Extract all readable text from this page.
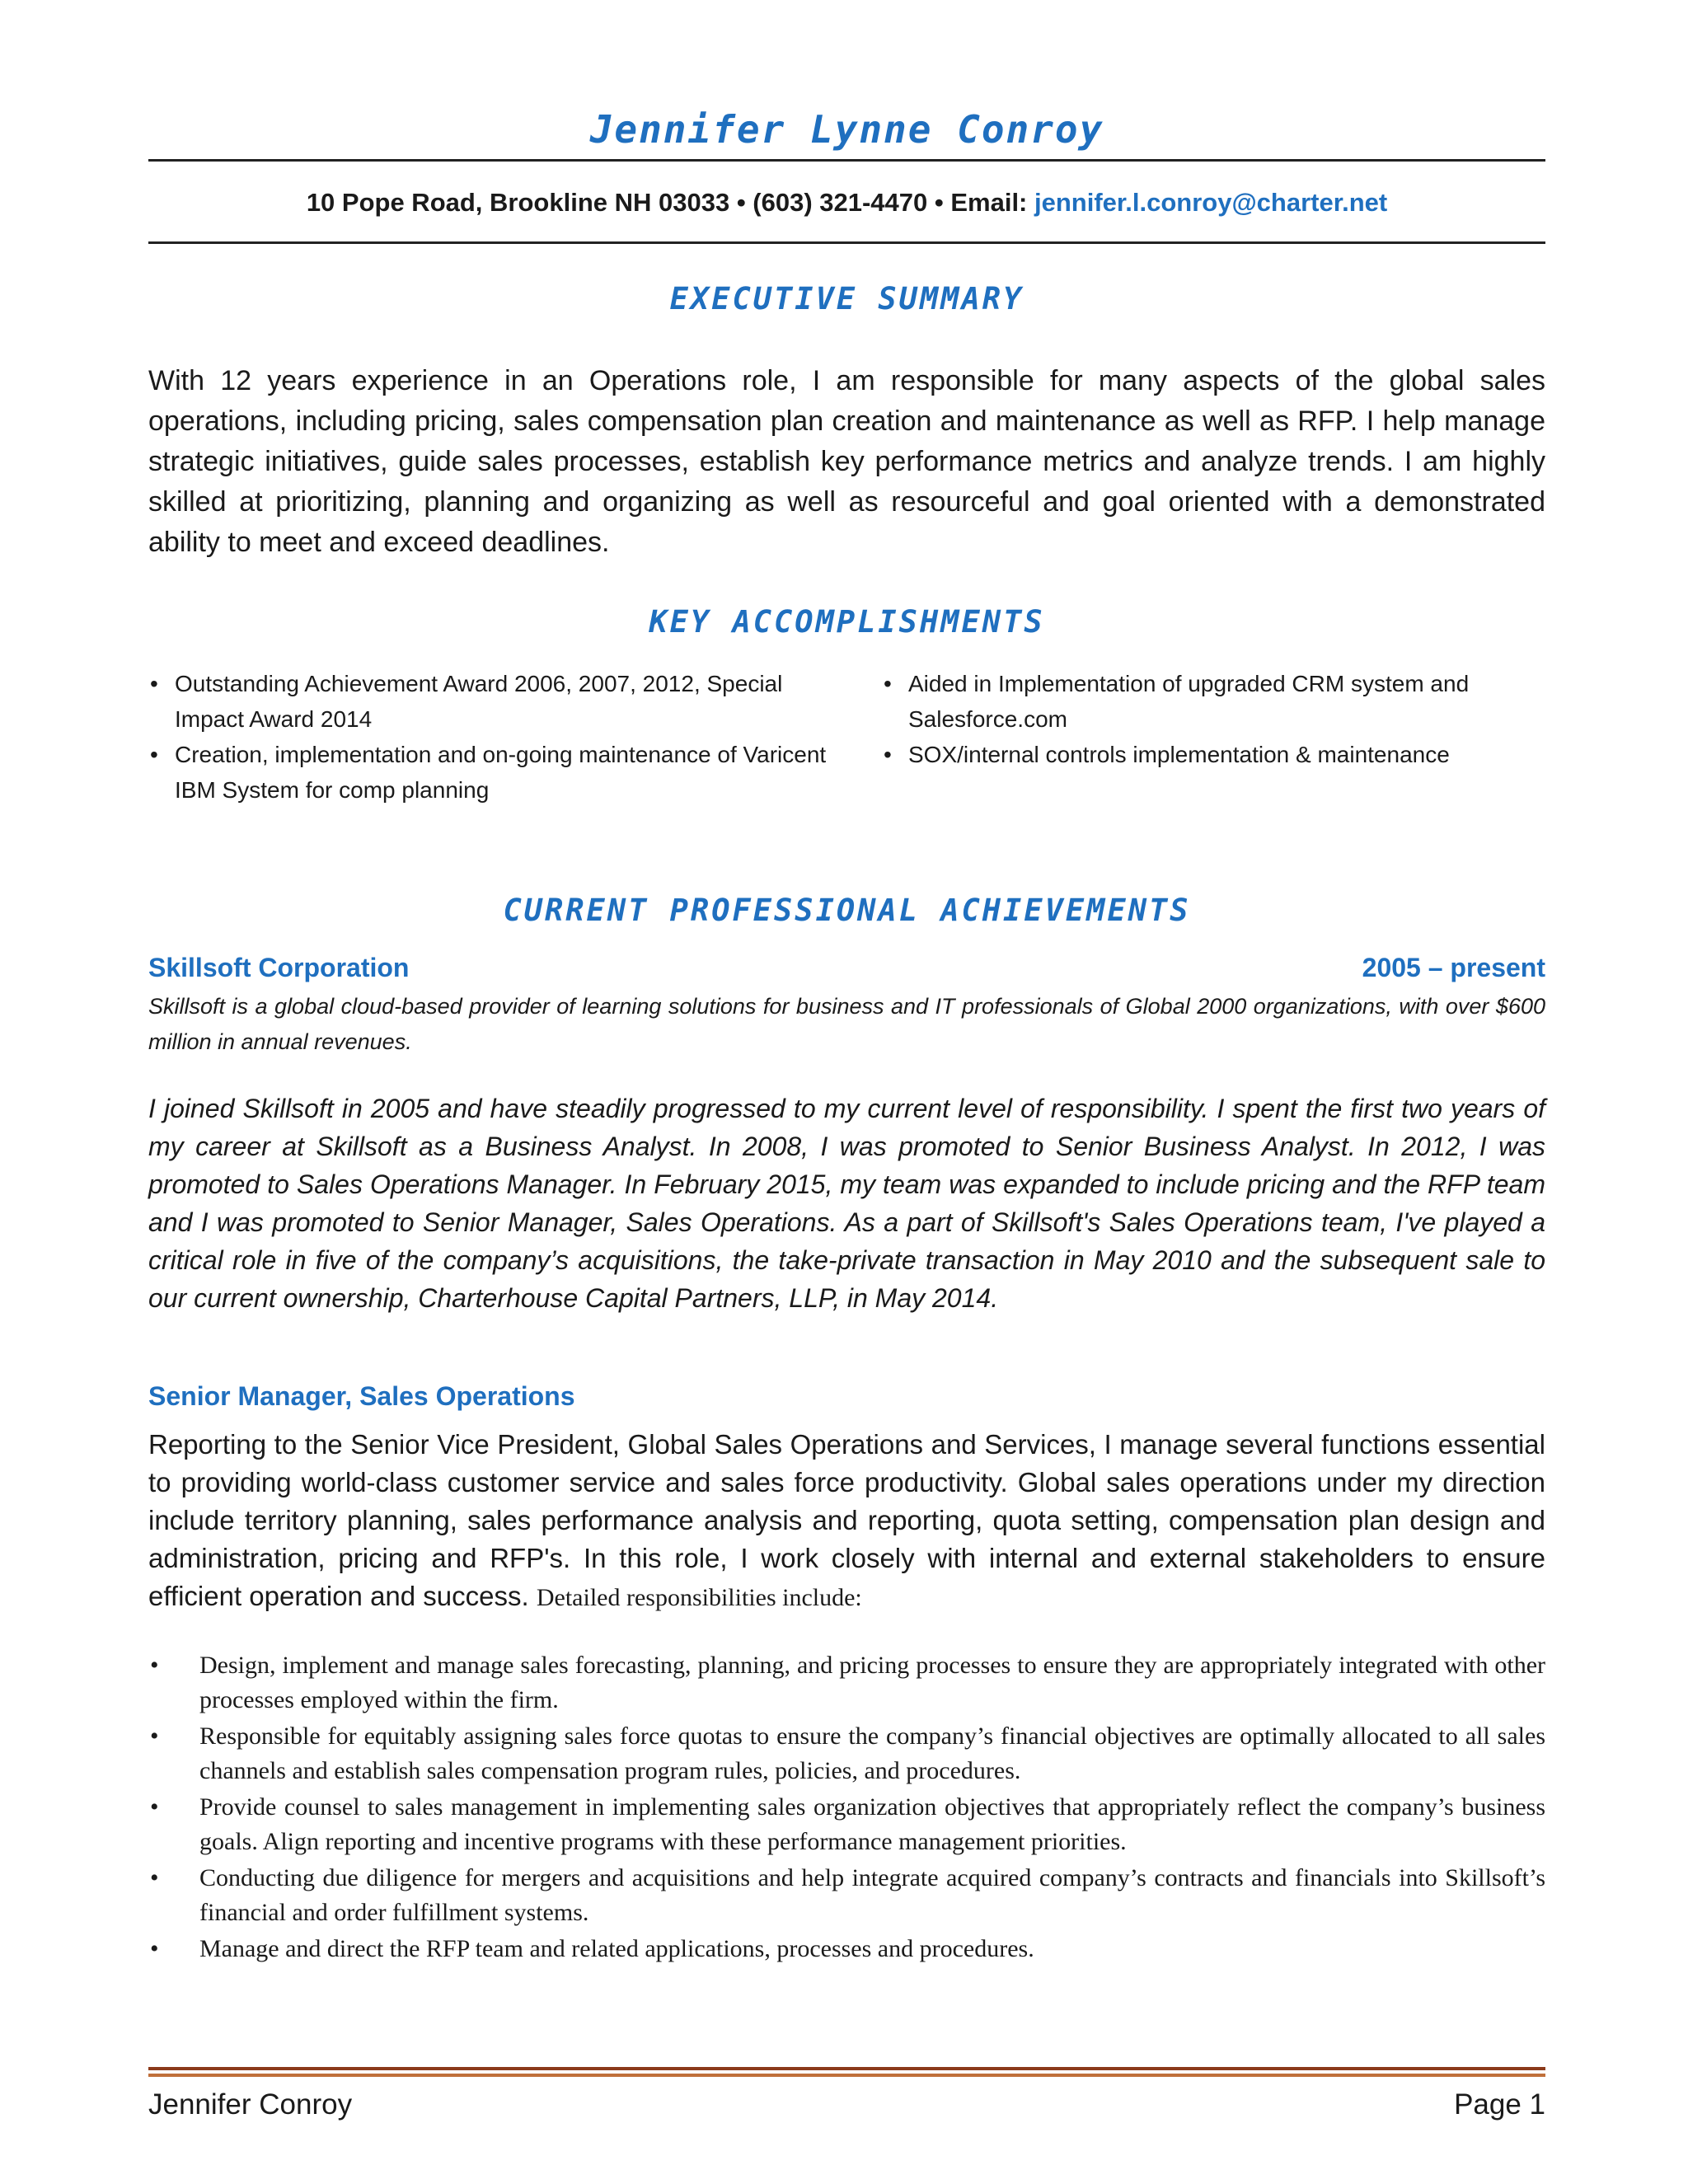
Jennifer Lynne Conroy
10 Pope Road, Brookline NH 03033 • (603) 321-4470 • Email: jennifer.l.conroy@charter.net
EXECUTIVE SUMMARY

With 12 years experience in an Operations role, I am responsible for many aspects of the global sales operations, including pricing, sales compensation plan creation and maintenance as well as RFP. I help manage strategic initiatives, guide sales processes, establish key performance metrics and analyze trends. I am highly skilled at prioritizing, planning and organizing as well as resourceful and goal oriented with a demonstrated ability to meet and exceed deadlines.

KEY ACCOMPLISHMENTS
• Outstanding Achievement Award 2006, 2007, 2012, Special Impact Award 2014
• Creation, implementation and on-going maintenance of Varicent IBM System for comp planning
• Aided in Implementation of upgraded CRM system and Salesforce.com
• SOX/internal controls implementation & maintenance
CURRENT PROFESSIONAL ACHIEVEMENTS
Skillsoft Corporation	2005 – present

Skillsoft is a global cloud-based provider of learning solutions for business and IT professionals of Global 2000 organizations, with over $600 million in annual revenues.

I joined Skillsoft in 2005 and have steadily progressed to my current level of responsibility. I spent the first two years of my career at Skillsoft as a Business Analyst. In 2008, I was promoted to Senior Business Analyst. In 2012, I was promoted to Sales Operations Manager. In February 2015, my team was expanded to include pricing and the RFP team and I was promoted to Senior Manager, Sales Operations. As a part of Skillsoft's Sales Operations team, I've played a critical role in five of the company’s acquisitions, the take-private transaction in May 2010 and the subsequent sale to our current ownership, Charterhouse Capital Partners, LLP, in May 2014.

Senior Manager, Sales Operations

Reporting to the Senior Vice President, Global Sales Operations and Services, I manage several functions essential to providing world-class customer service and sales force productivity. Global sales operations under my direction include territory planning, sales performance analysis and reporting, quota setting, compensation plan design and administration, pricing and RFP's. In this role, I work closely with internal and external stakeholders to ensure efficient operation and success. Detailed responsibilities include:

• Design, implement and manage sales forecasting, planning, and pricing processes to ensure they are appropriately integrated with other processes employed within the firm.
• Responsible for equitably assigning sales force quotas to ensure the company’s financial objectives are optimally allocated to all sales channels and establish sales compensation program rules, policies, and procedures.
• Provide counsel to sales management in implementing sales organization objectives that appropriately reflect the company’s business goals. Align reporting and incentive programs with these performance management priorities.
• Conducting due diligence for mergers and acquisitions and help integrate acquired company’s contracts and financials into Skillsoft’s financial and order fulfillment systems.
• Manage and direct the RFP team and related applications, processes and procedures.
Jennifer Conroy	Page 1
